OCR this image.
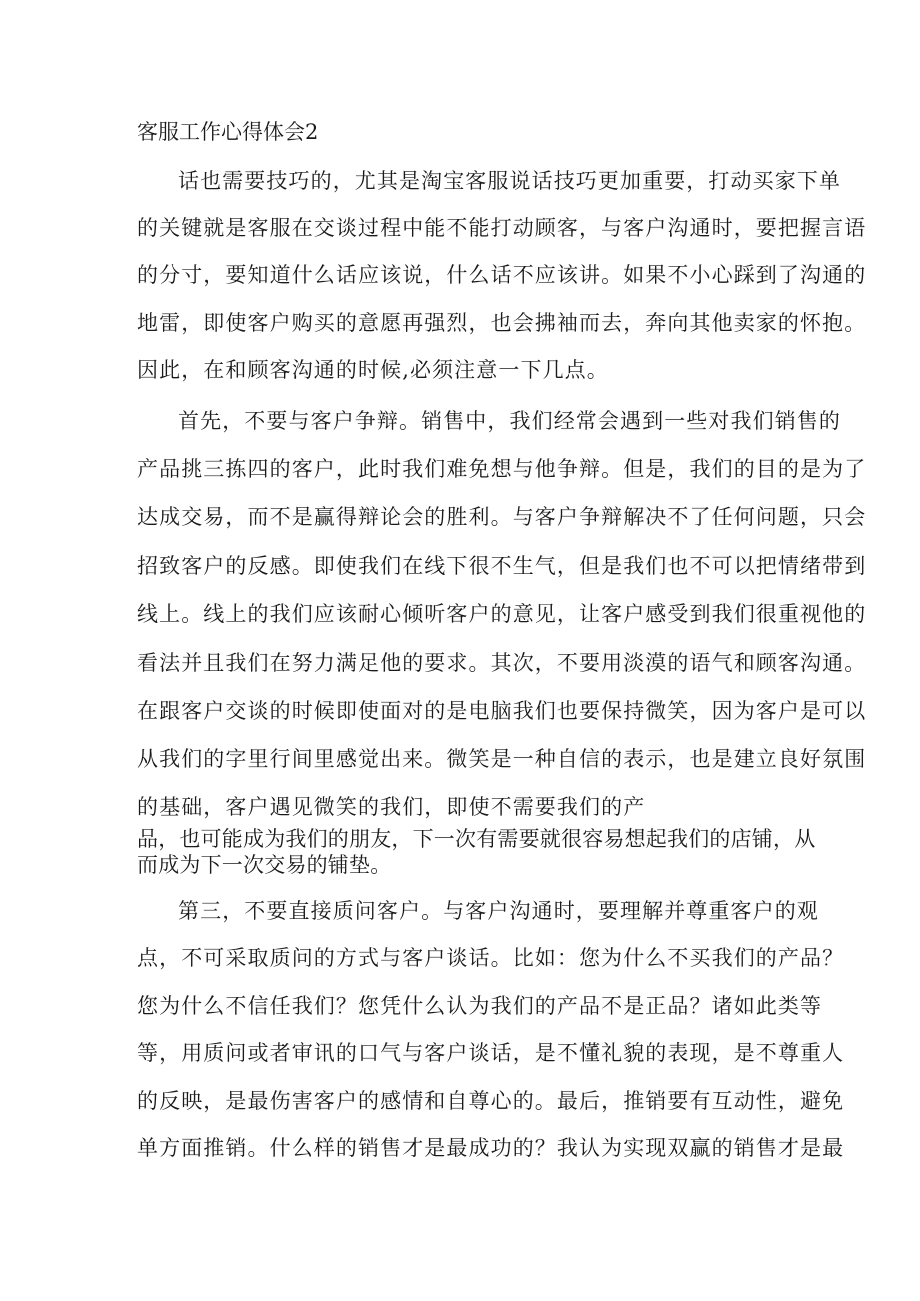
客服工作心得体会2
话也需要技巧的，尤其是淘宝客服说话技巧更加重要，打动买家下单
的关键就是客服在交谈过程中能不能打动顾客，与客户沟通时，要把握言语
的分寸，要知道什么话应该说，什么话不应该讲。如果不小心踩到了沟通的
地雷，即使客户购买的意愿再强烈，也会拂袖而去，奔向其他卖家的怀抱。
因此，在和顾客沟通的时候,必须注意一下几点。
首先，不要与客户争辩。销售中，我们经常会遇到一些对我们销售的
产品挑三拣四的客户，此时我们难免想与他争辩。但是，我们的目的是为了
达成交易，而不是赢得辩论会的胜利。与客户争辩解决不了任何问题，只会
招致客户的反感。即使我们在线下很不生气，但是我们也不可以把情绪带到
线上。线上的我们应该耐心倾听客户的意见，让客户感受到我们很重视他的
看法并且我们在努力满足他的要求。其次，不要用淡漠的语气和顾客沟通。
在跟客户交谈的时候即使面对的是电脑我们也要保持微笑，因为客户是可以
从我们的字里行间里感觉出来。微笑是一种自信的表示，也是建立良好氛围
的基础，客户遇见微笑的我们，即使不需要我们的产
品，也可能成为我们的朋友，下一次有需要就很容易想起我们的店铺，从
而成为下一次交易的铺垫。
第三，不要直接质问客户。与客户沟通时，要理解并尊重客户的观
点，不可采取质问的方式与客户谈话。比如：您为什么不买我们的产品？
您为什么不信任我们？您凭什么认为我们的产品不是正品？诸如此类等
等，用质问或者审讯的口气与客户谈话，是不懂礼貌的表现，是不尊重人
的反映，是最伤害客户的感情和自尊心的。最后，推销要有互动性，避免
单方面推销。什么样的销售才是最成功的？我认为实现双赢的销售才是最
